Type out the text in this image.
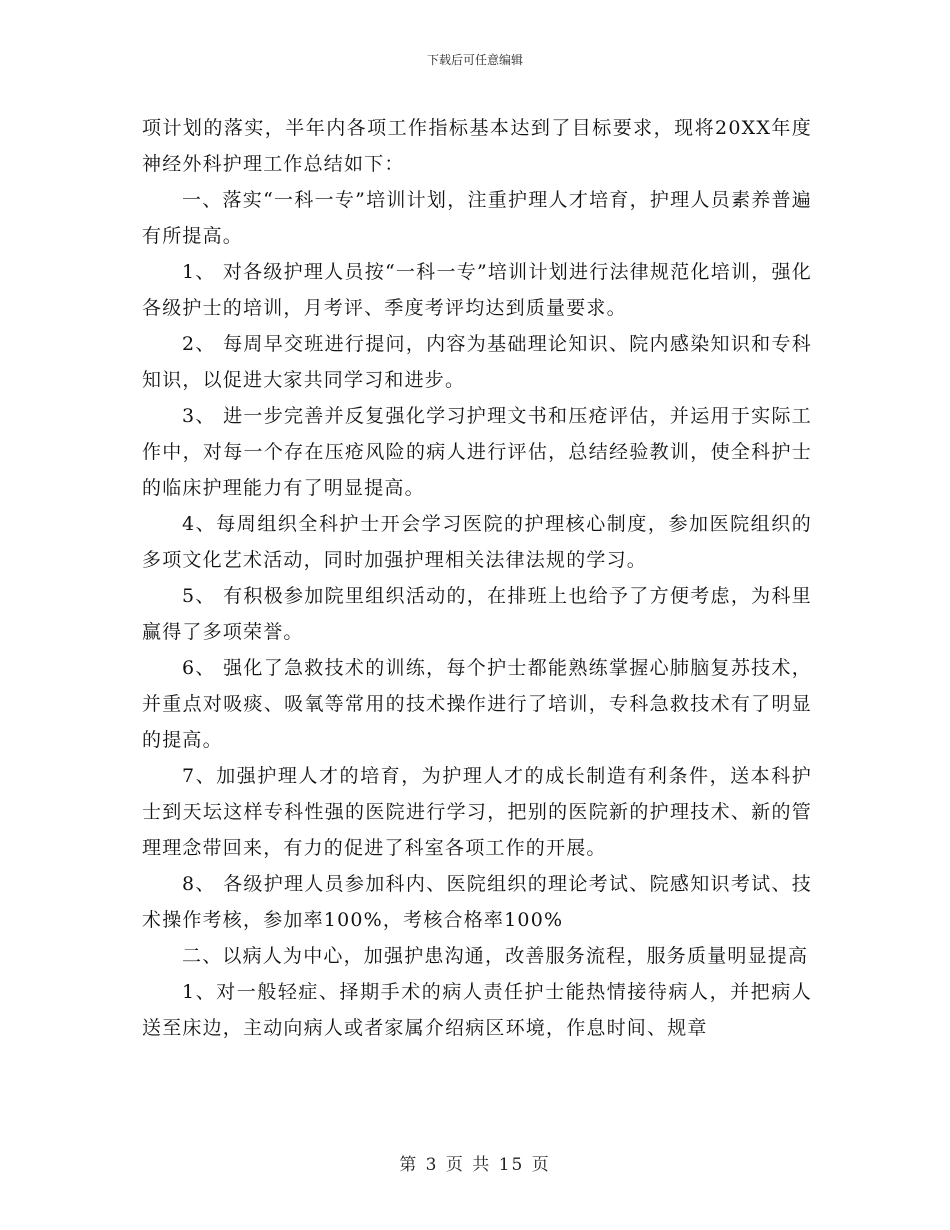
下载后可任意编辑

项计划的落实，半年内各项工作指标基本达到了目标要求，现将20XX年度神经外科护理工作总结如下：

一、落实“一科一专”培训计划，注重护理人才培育，护理人员素养普遍有所提高。

1、 对各级护理人员按“一科一专”培训计划进行法律规范化培训，强化各级护士的培训，月考评、季度考评均达到质量要求。

2、 每周早交班进行提问，内容为基础理论知识、院内感染知识和专科知识，以促进大家共同学习和进步。

3、 进一步完善并反复强化学习护理文书和压疮评估，并运用于实际工作中，对每一个存在压疮风险的病人进行评估，总结经验教训，使全科护士的临床护理能力有了明显提高。

4、每周组织全科护士开会学习医院的护理核心制度，参加医院组织的多项文化艺术活动，同时加强护理相关法律法规的学习。

5、 有积极参加院里组织活动的，在排班上也给予了方便考虑，为科里赢得了多项荣誉。

6、 强化了急救技术的训练，每个护士都能熟练掌握心肺脑复苏技术，并重点对吸痰、吸氧等常用的技术操作进行了培训，专科急救技术有了明显的提高。

7、加强护理人才的培育，为护理人才的成长制造有利条件，送本科护士到天坛这样专科性强的医院进行学习，把别的医院新的护理技术、新的管理理念带回来，有力的促进了科室各项工作的开展。

8、 各级护理人员参加科内、医院组织的理论考试、院感知识考试、技术操作考核，参加率100%，考核合格率100%

二、以病人为中心，加强护患沟通，改善服务流程，服务质量明显提高

1、对一般轻症、择期手术的病人责任护士能热情接待病人，并把病人送至床边，主动向病人或者家属介绍病区环境，作息时间、规章

第 3 页 共 15 页
